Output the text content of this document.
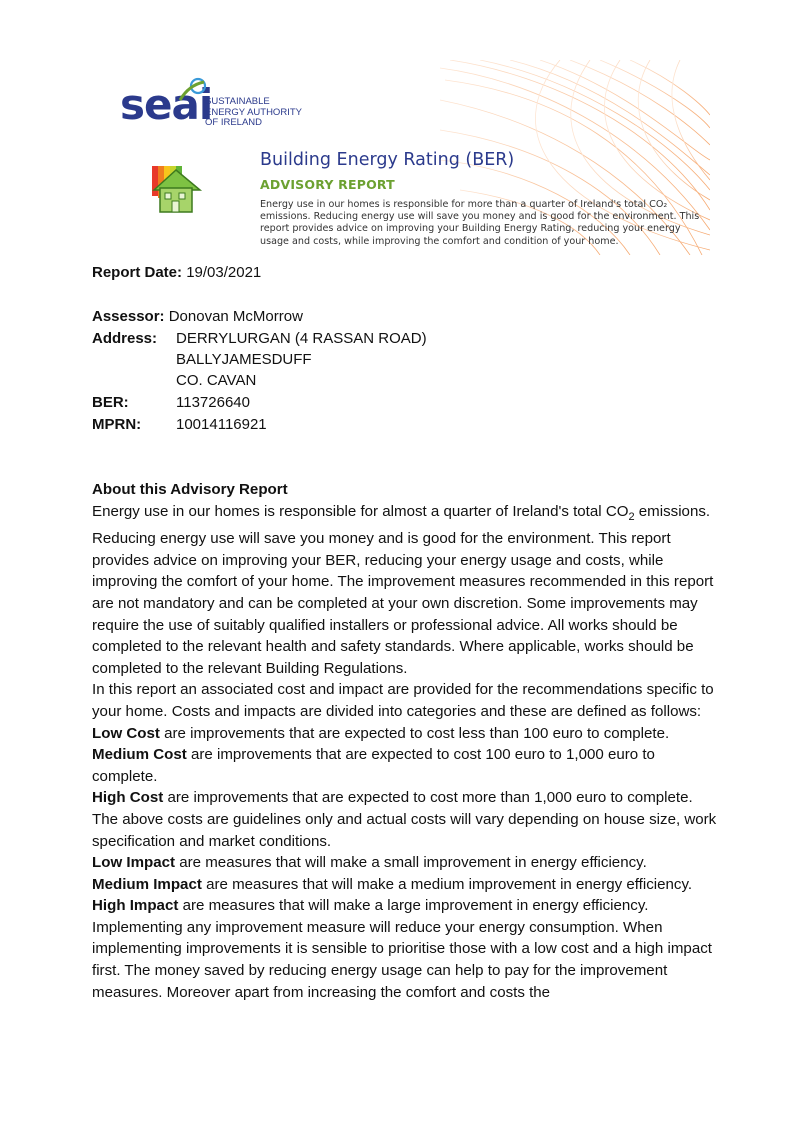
seai
SUSTAINABLE
ENERGY AUTHORITY
OF IRELAND
Building Energy Rating (BER)
ADVISORY REPORT
Energy use in our homes is responsible for more than a quarter of Ireland's total CO₂ emissions. Reducing energy use will save you money and is good for the environment. This report provides advice on improving your Building Energy Rating, reducing your energy usage and costs, while improving the comfort and condition of your home.
Report Date: 19/03/2021
Assessor: Donovan McMorrow
Address: DERRYLURGAN (4 RASSAN ROAD)
BALLYJAMESDUFF
CO. CAVAN
BER:	113726640
MPRN: 10014116921

About this Advisory Report

Energy use in our homes is responsible for almost a quarter of Ireland's total $CO_2$ emissions. Reducing energy use will save you money and is good for the environment. This report provides advice on improving your BER, reducing your energy usage and costs, while improving the comfort of your home. The improvement measures recommended in this report are not mandatory and can be completed at your own discretion. Some improvements may require the use of suitably qualified installers or professional advice. All works should be completed to the relevant health and safety standards. Where applicable, works should be completed to the relevant Building Regulations.

In this report an associated cost and impact are provided for the recommendations specific to your home. Costs and impacts are divided into categories and these are defined as follows:

Low Cost are improvements that are expected to cost less than 100 euro to complete.

Medium Cost are improvements that are expected to cost 100 euro to 1,000 euro to complete.

High Cost are improvements that are expected to cost more than 1,000 euro to complete.

The above costs are guidelines only and actual costs will vary depending on house size, work specification and market conditions.

Low Impact are measures that will make a small improvement in energy efficiency.

Medium Impact are measures that will make a medium improvement in energy efficiency.

High Impact are measures that will make a large improvement in energy efficiency.

Implementing any improvement measure will reduce your energy consumption. When implementing improvements it is sensible to prioritise those with a low cost and a high impact first. The money saved by reducing energy usage can help to pay for the improvement measures. Moreover apart from increasing the comfort and costs the
